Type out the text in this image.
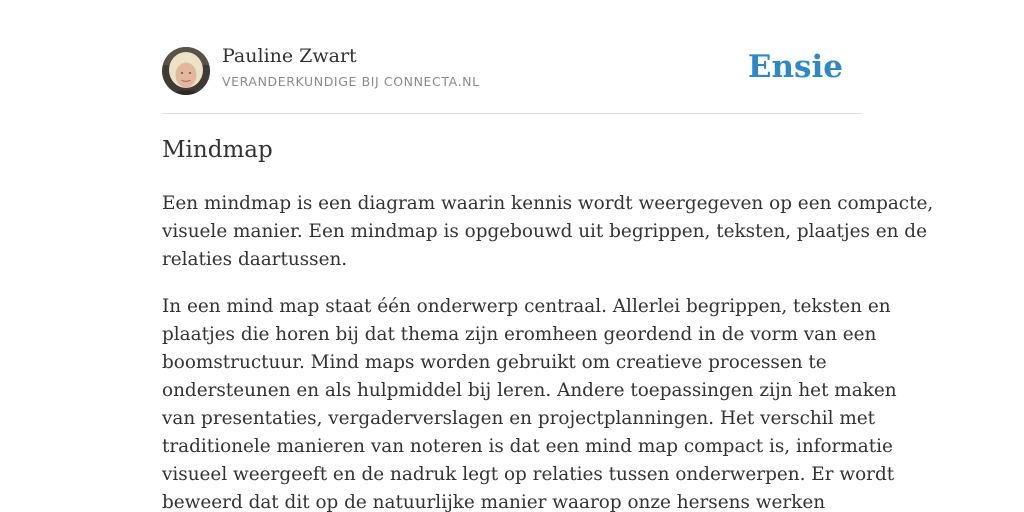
Pauline Zwart
VERANDERKUNDIGE BIJ CONNECTA.NL	Ensie
Mindmap

Een mindmap is een diagram waarin kennis wordt weergegeven op een compacte,
visuele manier. Een mindmap is opgebouwd uit begrippen, teksten, plaatjes en de
relaties daartussen.

In een mind map staat één onderwerp centraal. Allerlei begrippen, teksten en
plaatjes die horen bij dat thema zijn eromheen geordend in de vorm van een
boomstructuur. Mind maps worden gebruikt om creatieve processen te
ondersteunen en als hulpmiddel bij leren. Andere toepassingen zijn het maken
van presentaties, vergaderverslagen en projectplanningen. Het verschil met
traditionele manieren van noteren is dat een mind map compact is, informatie
visueel weergeeft en de nadruk legt op relaties tussen onderwerpen. Er wordt
beweerd dat dit op de natuurlijke manier waarop onze hersens werken
